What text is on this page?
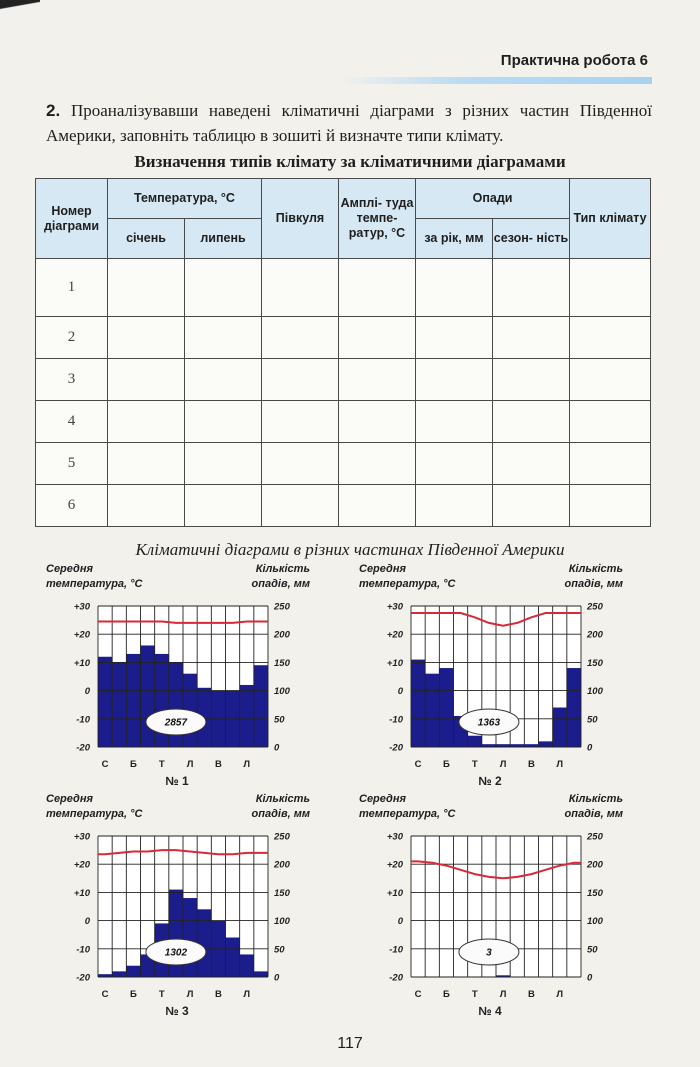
Практична робота 6
2. Проаналізувавши наведені кліматичні діаграми з різних частин Південної Америки, заповніть таблицю в зошиті й визначте типи клімату.
Визначення типів клімату за кліматичними діаграмами
Номер діаграми	Температура, °С		Півкуля	Амплі- туда темпе- ратур, °С	Опади		Тип клімату
	січень	липень			за рік, мм	сезон- ність	
1							
2							
3							
4							
5							
6							
Кліматичні діаграми в різних частинах Південної Америки
Середня
температура, °С
Кількість
опадів, мм
+30	250
+20	200
+10	150
0	100
-10	50
-20	0
2857
С Б Т Л В Л
№ 1
Середня
температура, °С
Кількість
опадів, мм
+30	250
+20	200
+10	150
0	100
-10	50
-20	0
1363
С Б Т Л В Л
№ 2
Середня
температура, °С
Кількість
опадів, мм
+30	250
+20	200
+10	150
0	100
-10	50
-20	0
1302
С Б Т Л В Л
№ 3
Середня
температура, °С
Кількість
опадів, мм
+30	250
+20	200
+10	150
0	100
-10	50
-20	0
3
С Б Т Л В Л
№ 4
117
